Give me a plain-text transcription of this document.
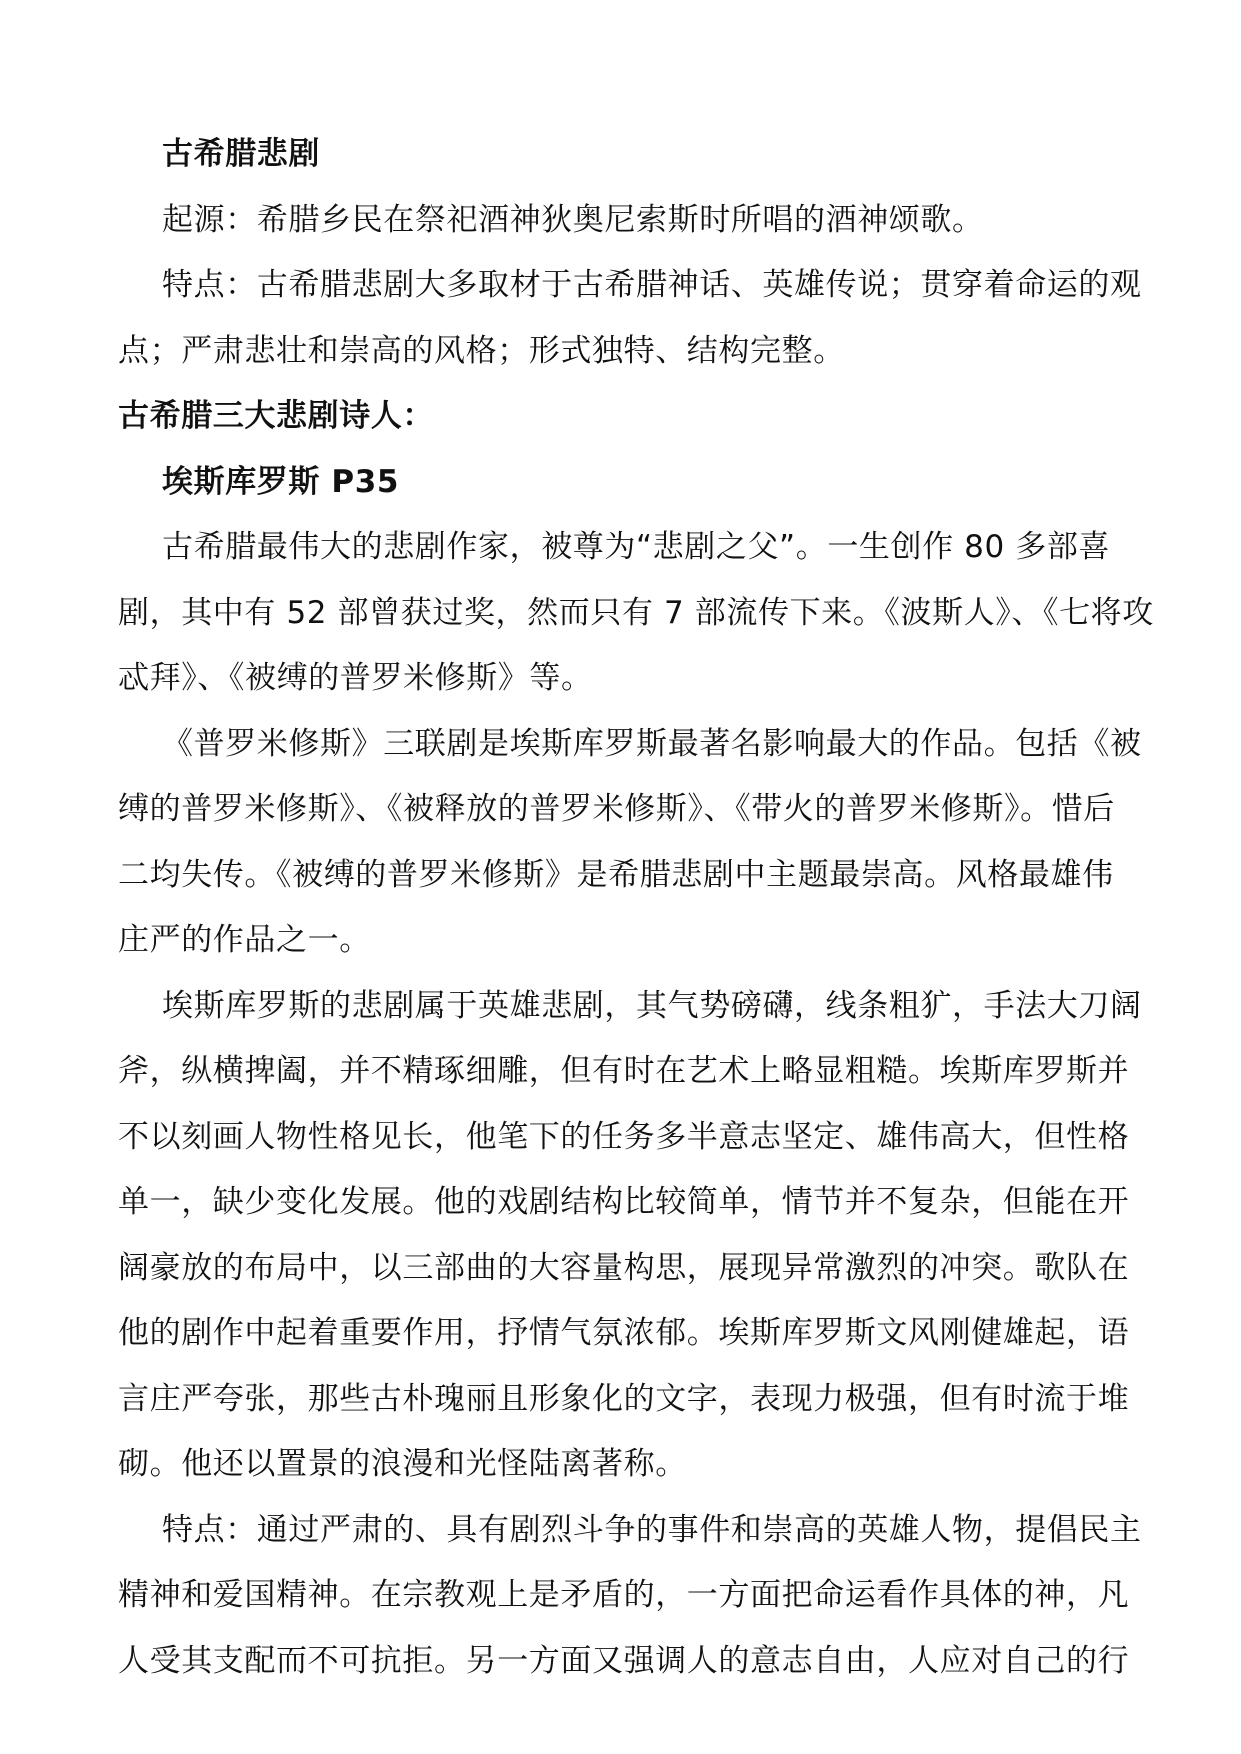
古希腊悲剧
起源：希腊乡民在祭祀酒神狄奥尼索斯时所唱的酒神颂歌。
特点：古希腊悲剧大多取材于古希腊神话、英雄传说；贯穿着命运的观
点；严肃悲壮和崇高的风格；形式独特、结构完整。
古希腊三大悲剧诗人：
埃斯库罗斯 P35
古希腊最伟大的悲剧作家，被尊为“悲剧之父”。一生创作 80 多部喜
剧，其中有 52 部曾获过奖，然而只有 7 部流传下来。《波斯人》、《七将攻
忒拜》、《被缚的普罗米修斯》等。
《普罗米修斯》三联剧是埃斯库罗斯最著名影响最大的作品。包括《被
缚的普罗米修斯》、《被释放的普罗米修斯》、《带火的普罗米修斯》。惜后
二均失传。《被缚的普罗米修斯》是希腊悲剧中主题最崇高。风格最雄伟
庄严的作品之一。
埃斯库罗斯的悲剧属于英雄悲剧，其气势磅礴，线条粗犷，手法大刀阔
斧，纵横捭阖，并不精琢细雕，但有时在艺术上略显粗糙。埃斯库罗斯并
不以刻画人物性格见长，他笔下的任务多半意志坚定、雄伟高大，但性格
单一，缺少变化发展。他的戏剧结构比较简单，情节并不复杂，但能在开
阔豪放的布局中，以三部曲的大容量构思，展现异常激烈的冲突。歌队在
他的剧作中起着重要作用，抒情气氛浓郁。埃斯库罗斯文风刚健雄起，语
言庄严夸张，那些古朴瑰丽且形象化的文字，表现力极强，但有时流于堆
砌。他还以置景的浪漫和光怪陆离著称。
特点：通过严肃的、具有剧烈斗争的事件和崇高的英雄人物，提倡民主
精神和爱国精神。在宗教观上是矛盾的，一方面把命运看作具体的神，凡
人受其支配而不可抗拒。另一方面又强调人的意志自由，人应对自己的行
